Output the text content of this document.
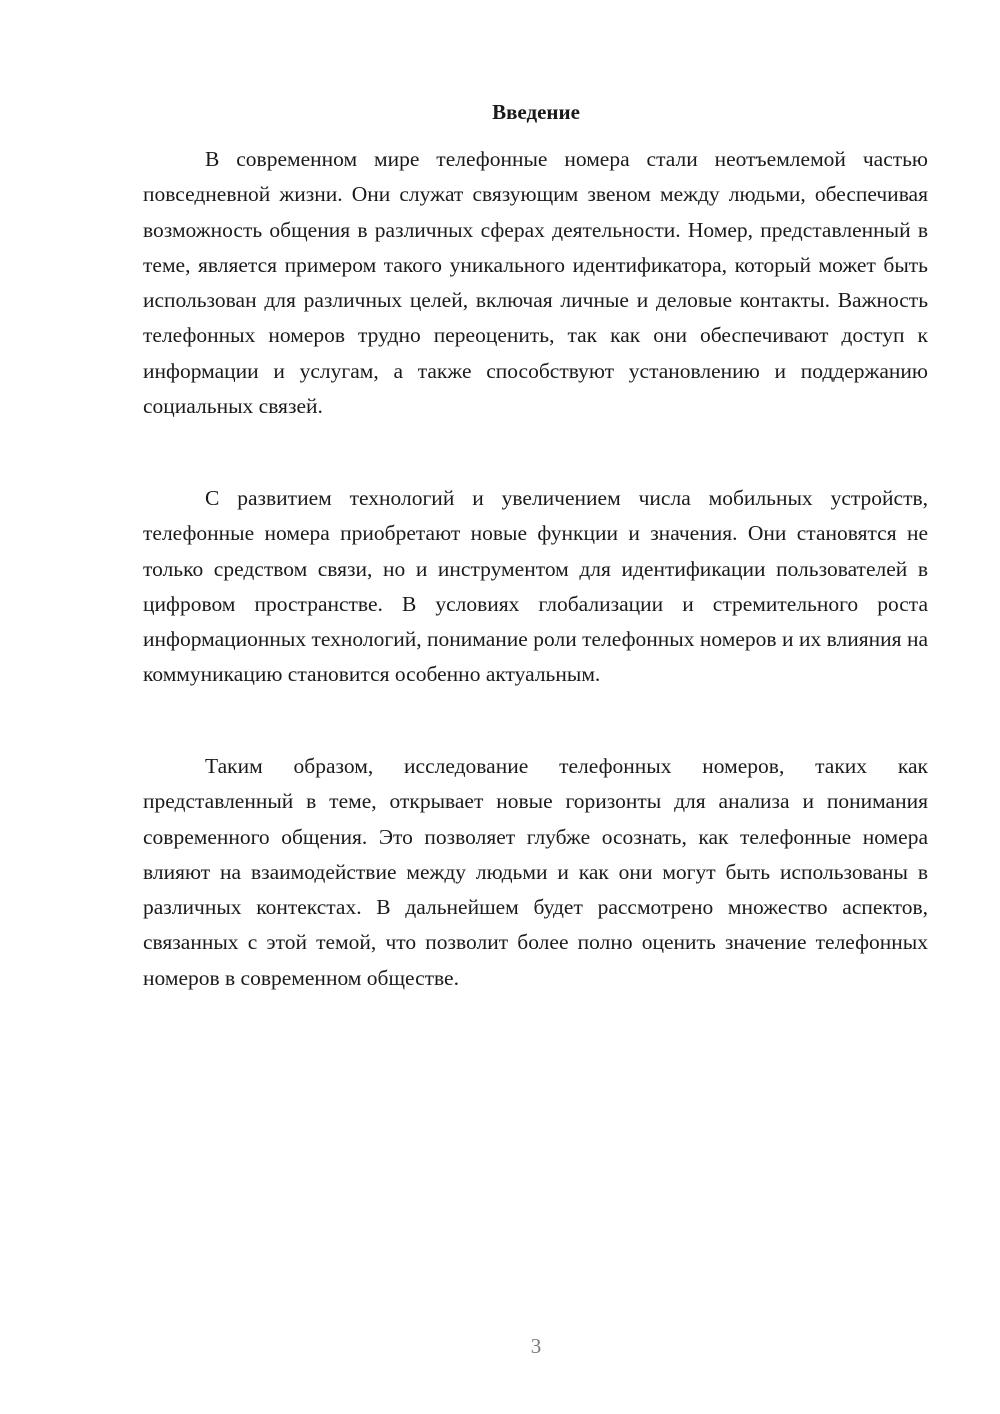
Введение

В современном мире телефонные номера стали неотъемлемой частью повседневной жизни. Они служат связующим звеном между людьми, обеспечивая возможность общения в различных сферах деятельности. Номер, представленный в теме, является примером такого уникального идентификатора, который может быть использован для различных целей, включая личные и деловые контакты. Важность телефонных номеров трудно переоценить, так как они обеспечивают доступ к информации и услугам, а также способствуют установлению и поддержанию социальных связей.

С развитием технологий и увеличением числа мобильных устройств, телефонные номера приобретают новые функции и значения. Они становятся не только средством связи, но и инструментом для идентификации пользователей в цифровом пространстве. В условиях глобализации и стремительного роста информационных технологий, понимание роли телефонных номеров и их влияния на коммуникацию становится особенно актуальным.

Таким образом, исследование телефонных номеров, таких как представленный в теме, открывает новые горизонты для анализа и понимания современного общения. Это позволяет глубже осознать, как телефонные номера влияют на взаимодействие между людьми и как они могут быть использованы в различных контекстах. В дальнейшем будет рассмотрено множество аспектов, связанных с этой темой, что позволит более полно оценить значение телефонных номеров в современном обществе.

3
